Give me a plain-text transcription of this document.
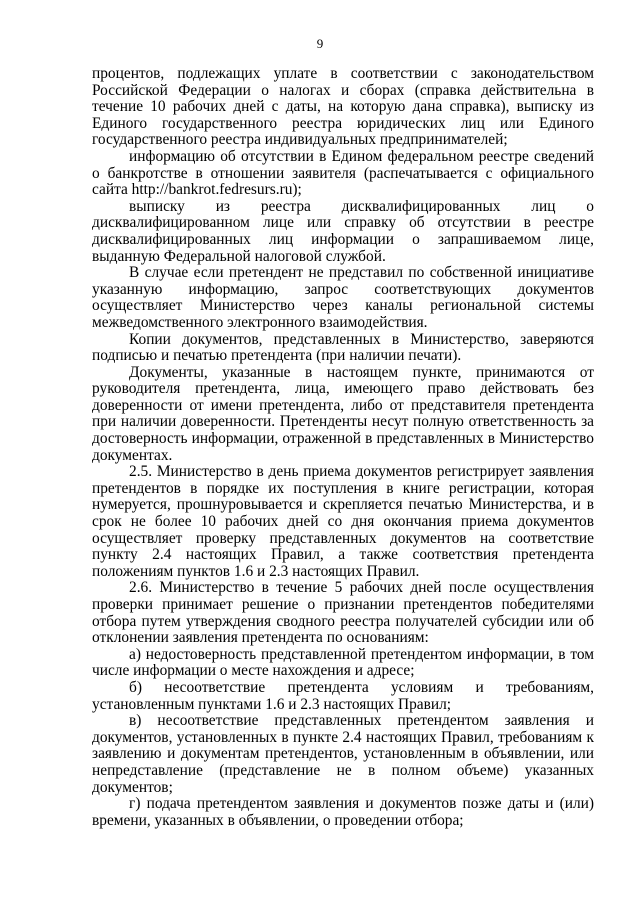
9

процентов, подлежащих уплате в соответствии с законодательством Российской Федерации о налогах и сборах (справка действительна в течение 10 рабочих дней с даты, на которую дана справка), выписку из Единого государственного реестра юридических лиц или Единого государственного реестра индивидуальных предпринимателей;

информацию об отсутствии в Едином федеральном реестре сведений о банкротстве в отношении заявителя (распечатывается с официального сайта http://bankrot.fedresurs.ru);

выписку из реестра дисквалифицированных лиц о дисквалифицированном лице или справку об отсутствии в реестре дисквалифицированных лиц информации о запрашиваемом лице, выданную Федеральной налоговой службой.

В случае если претендент не представил по собственной инициативе указанную информацию, запрос соответствующих документов осуществляет Министерство через каналы региональной системы межведомственного электронного взаимодействия.

Копии документов, представленных в Министерство, заверяются подписью и печатью претендента (при наличии печати).

Документы, указанные в настоящем пункте, принимаются от руководителя претендента, лица, имеющего право действовать без доверенности от имени претендента, либо от представителя претендента при наличии доверенности. Претенденты несут полную ответственность за достоверность информации, отраженной в представленных в Министерство документах.

2.5. Министерство в день приема документов регистрирует заявления претендентов в порядке их поступления в книге регистрации, которая нумеруется, прошнуровывается и скрепляется печатью Министерства, и в срок не более 10 рабочих дней со дня окончания приема документов осуществляет проверку представленных документов на соответствие пункту 2.4 настоящих Правил, а также соответствия претендента положениям пунктов 1.6 и 2.3 настоящих Правил.

2.6. Министерство в течение 5 рабочих дней после осуществления проверки принимает решение о признании претендентов победителями отбора путем утверждения сводного реестра получателей субсидии или об отклонении заявления претендента по основаниям:

а) недостоверность представленной претендентом информации, в том числе информации о месте нахождения и адресе;

б) несоответствие претендента условиям и требованиям, установленным пунктами 1.6 и 2.3 настоящих Правил;

в) несоответствие представленных претендентом заявления и документов, установленных в пункте 2.4 настоящих Правил, требованиям к заявлению и документам претендентов, установленным в объявлении, или непредставление (представление не в полном объеме) указанных документов;

г) подача претендентом заявления и документов позже даты и (или) времени, указанных в объявлении, о проведении отбора;
